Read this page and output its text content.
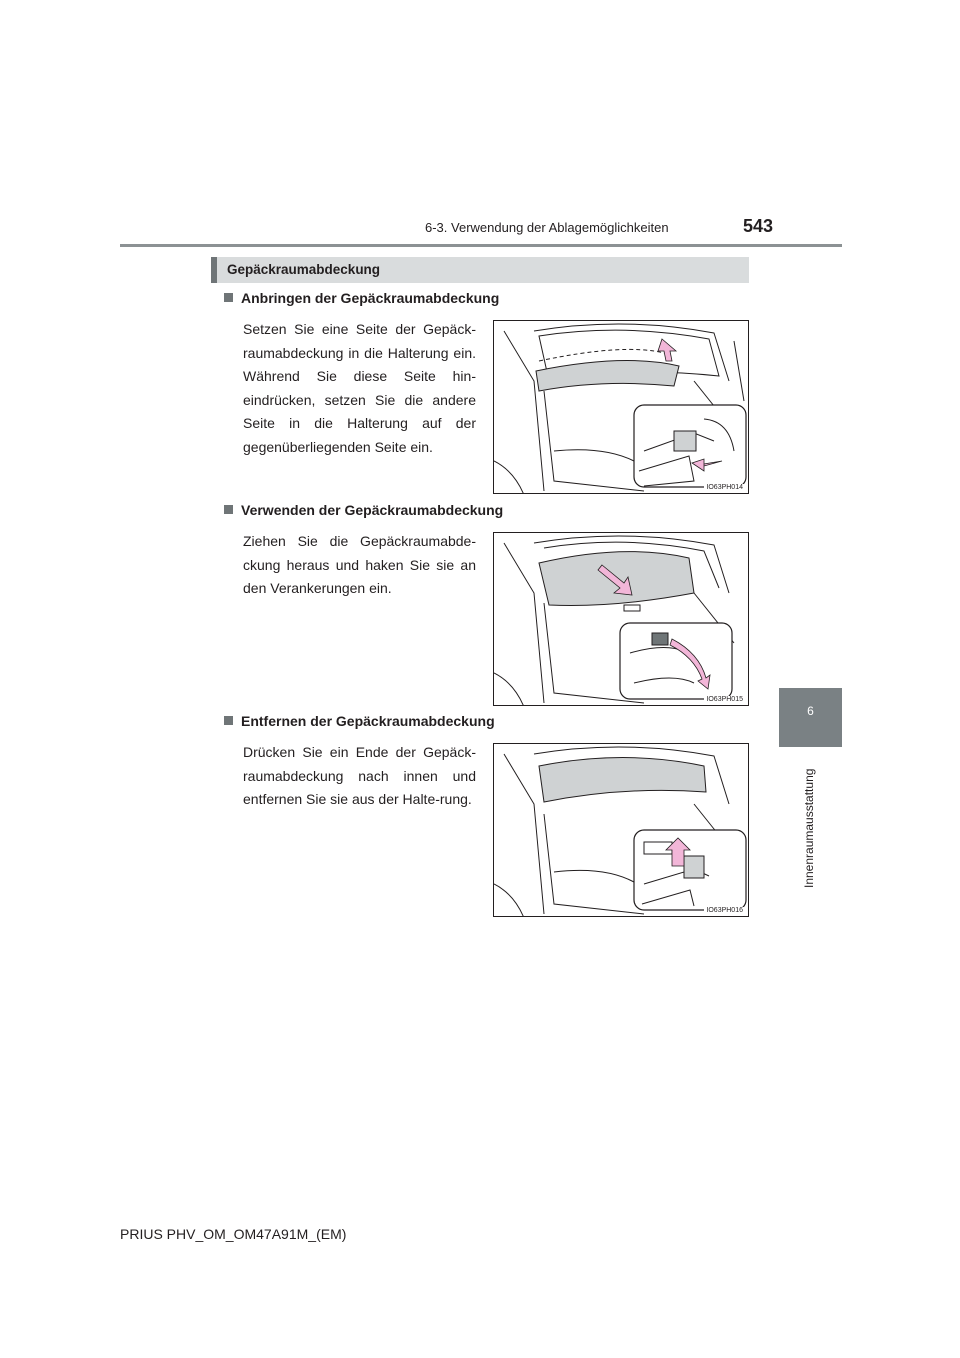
6-3. Verwendung der Ablagemöglichkeiten	543
6
Innenraumausstattung
Gepäckraumabdeckung
Anbringen der Gepäckraumabdeckung
Setzen Sie eine Seite der Gepäck-raumabdeckung in die Halterung ein. Während Sie diese Seite hin-eindrücken, setzen Sie die andere Seite in die Halterung auf der gegenüberliegenden Seite ein.
IO63PH014
Verwenden der Gepäckraumabdeckung
Ziehen Sie die Gepäckraumabde-ckung heraus und haken Sie sie an den Verankerungen ein.
IO63PH015
Entfernen der Gepäckraumabdeckung
Drücken Sie ein Ende der Gepäck-raumabdeckung nach innen und entfernen Sie sie aus der Halte-rung.
IO63PH016
PRIUS PHV_OM_OM47A91M_(EM)
